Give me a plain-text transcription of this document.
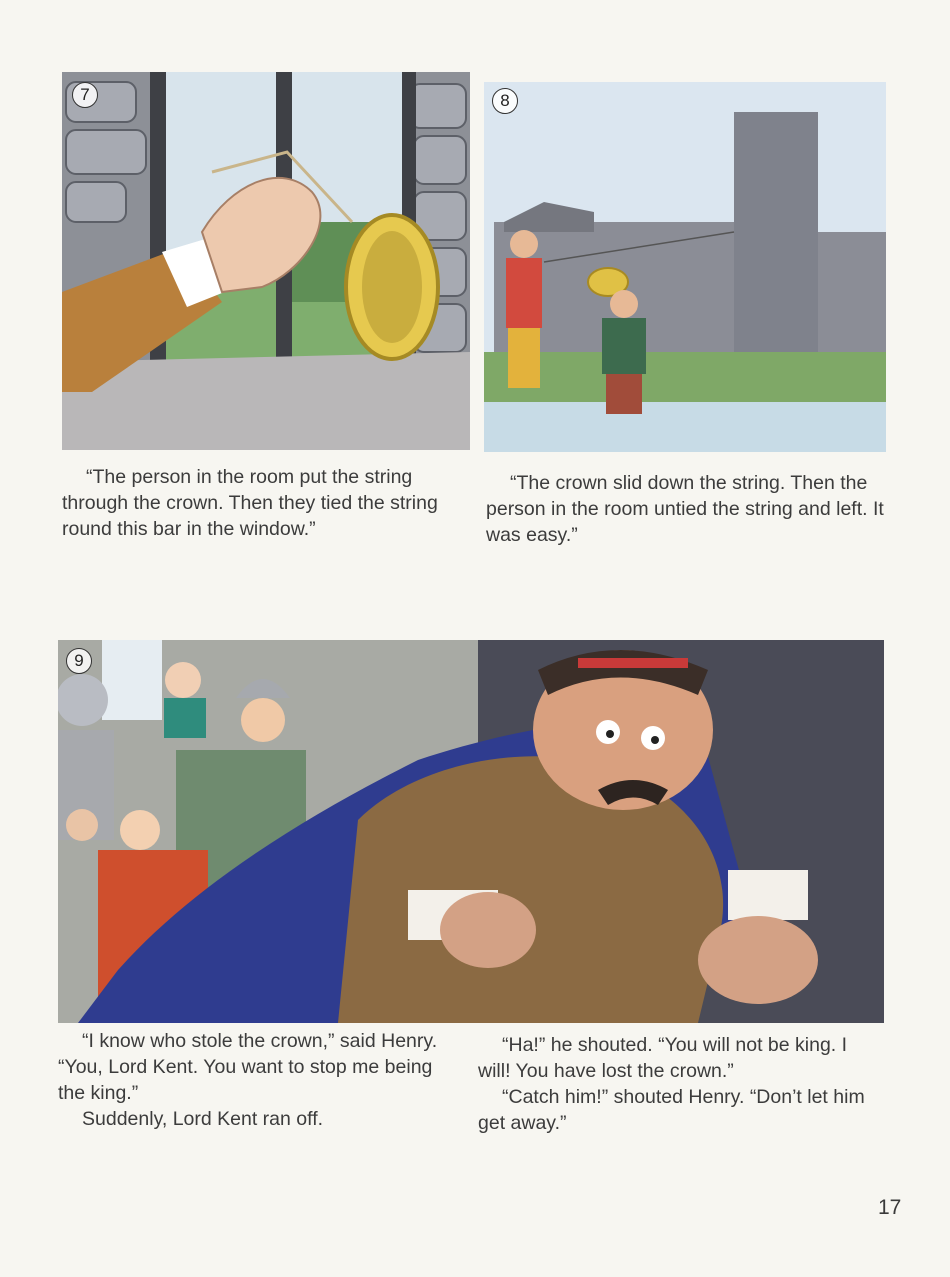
7

“The person in the room put the string through the crown. Then they tied the string round this bar in the window.”

8

“The crown slid down the string. Then the person in the room untied the string and left. It was easy.”

9

“I know who stole the crown,” said Henry. “You, Lord Kent. You want to stop me being the king.”

Suddenly, Lord Kent ran off.

“Ha!” he shouted. “You will not be king. I will! You have lost the crown.”

“Catch him!” shouted Henry. “Don’t let him get away.”

17
